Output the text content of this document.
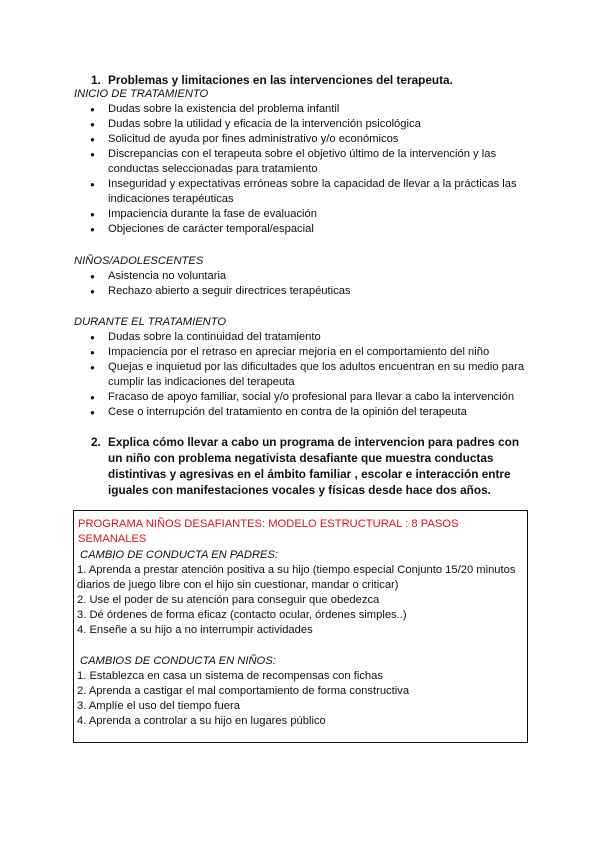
1. Problemas y limitaciones en las intervenciones del terapeuta.
INICIO DE TRATAMIENTO
● Dudas sobre la existencia del problema infantil
● Dudas sobre la utilidad y eficacia de la intervención psicológica
● Solicitud de ayuda por fines administrativo y/o económicos
● Discrepancias con el terapeuta sobre el objetivo último de la intervención y las conductas seleccionadas para tratamiento
● Inseguridad y expectativas erróneas sobre la capacidad de llevar a la prácticas las indicaciones terapéuticas
● Impaciencia durante la fase de evaluación
● Objeciones de carácter temporal/espacial
NIÑOS/ADOLESCENTES
● Asistencia no voluntaria
● Rechazo abierto a seguir directrices terapéuticas
DURANTE EL TRATAMIENTO
● Dudas sobre la continuidad del tratamiento
● Impaciencia por el retraso en apreciar mejoría en el comportamiento del niño
● Quejas e inquietud por las dificultades que los adultos encuentran en su medio para cumplir las indicaciones del terapeuta
● Fracaso de apoyo familiar, social y/o profesional para llevar a cabo la intervención
● Cese o interrupción del tratamiento en contra de la opinión del terapeuta
2. Explica cómo llevar a cabo un programa de intervencion para padres con un niño con problema negativista desafiante que muestra conductas distintivas y agresivas en el ámbito familiar , escolar e interacción entre iguales con manifestaciones vocales y físicas desde hace dos años.
PROGRAMA NIÑOS DESAFIANTES: MODELO ESTRUCTURAL : 8 PASOS SEMANALES
CAMBIO DE CONDUCTA EN PADRES:
1. Aprenda a prestar atención positiva a su hijo (tiempo especial Conjunto 15/20 minutos diarios de juego libre con el hijo sin cuestionar, mandar o criticar)
2. Use el poder de su atención para conseguir que obedezca
3. Dé órdenes de forma eficaz (contacto ocular, órdenes simples..)
4. Enseñe a su hijo a no interrumpir actividades
CAMBIOS DE CONDUCTA EN NIÑOS:
1. Establezca en casa un sistema de recompensas con fichas
2. Aprenda a castigar el mal comportamiento de forma constructiva
3. Amplíe el uso del tiempo fuera
4. Aprenda a controlar a su hijo en lugares público
